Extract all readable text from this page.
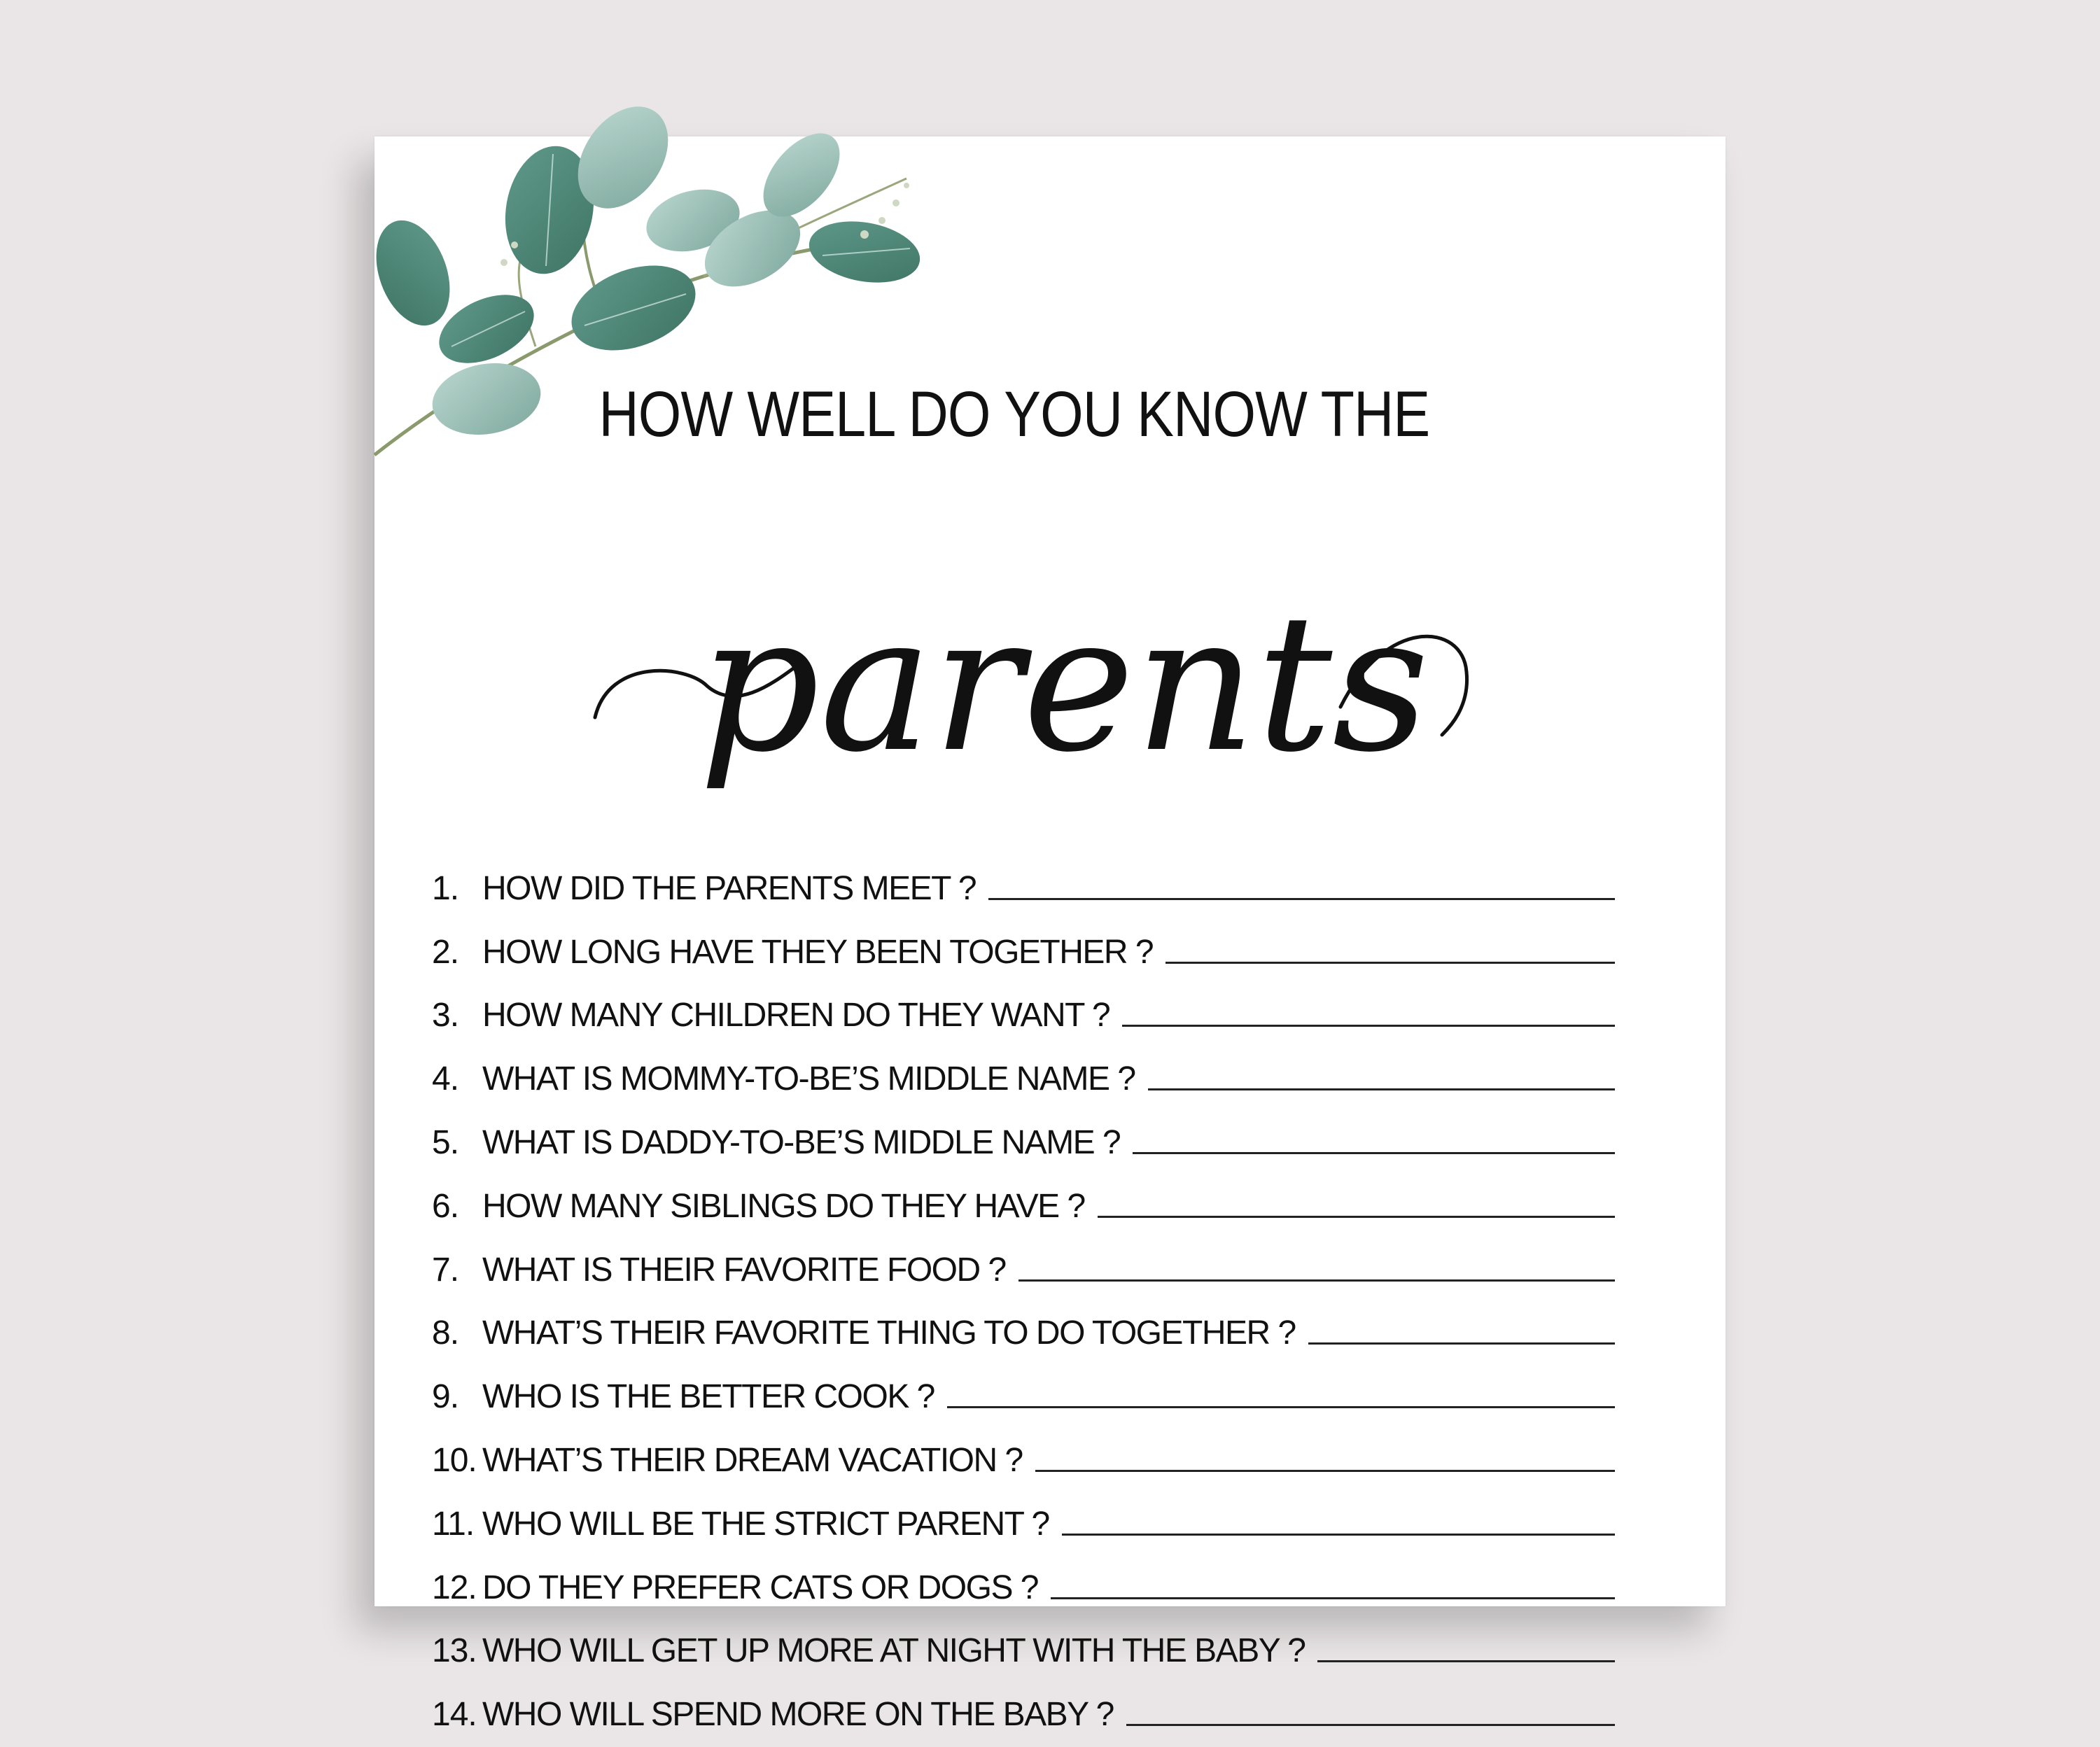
HOW WELL DO YOU KNOW THE
parents
1. HOW DID THE PARENTS MEET ?
2. HOW LONG HAVE THEY BEEN TOGETHER ?
3. HOW MANY CHILDREN DO THEY WANT ?
4. WHAT IS MOMMY-TO-BE’S MIDDLE NAME ?
5. WHAT IS DADDY-TO-BE’S MIDDLE NAME ?
6. HOW MANY SIBLINGS DO THEY HAVE ?
7. WHAT IS THEIR FAVORITE FOOD ?
8. WHAT’S THEIR FAVORITE THING TO DO TOGETHER ?
9. WHO IS THE BETTER COOK ?
10. WHAT’S THEIR DREAM VACATION ?
11. WHO WILL BE THE STRICT PARENT ?
12. DO THEY PREFER CATS OR DOGS ?
13. WHO WILL GET UP MORE AT NIGHT WITH THE BABY ?
14. WHO WILL SPEND MORE ON THE BABY ?
